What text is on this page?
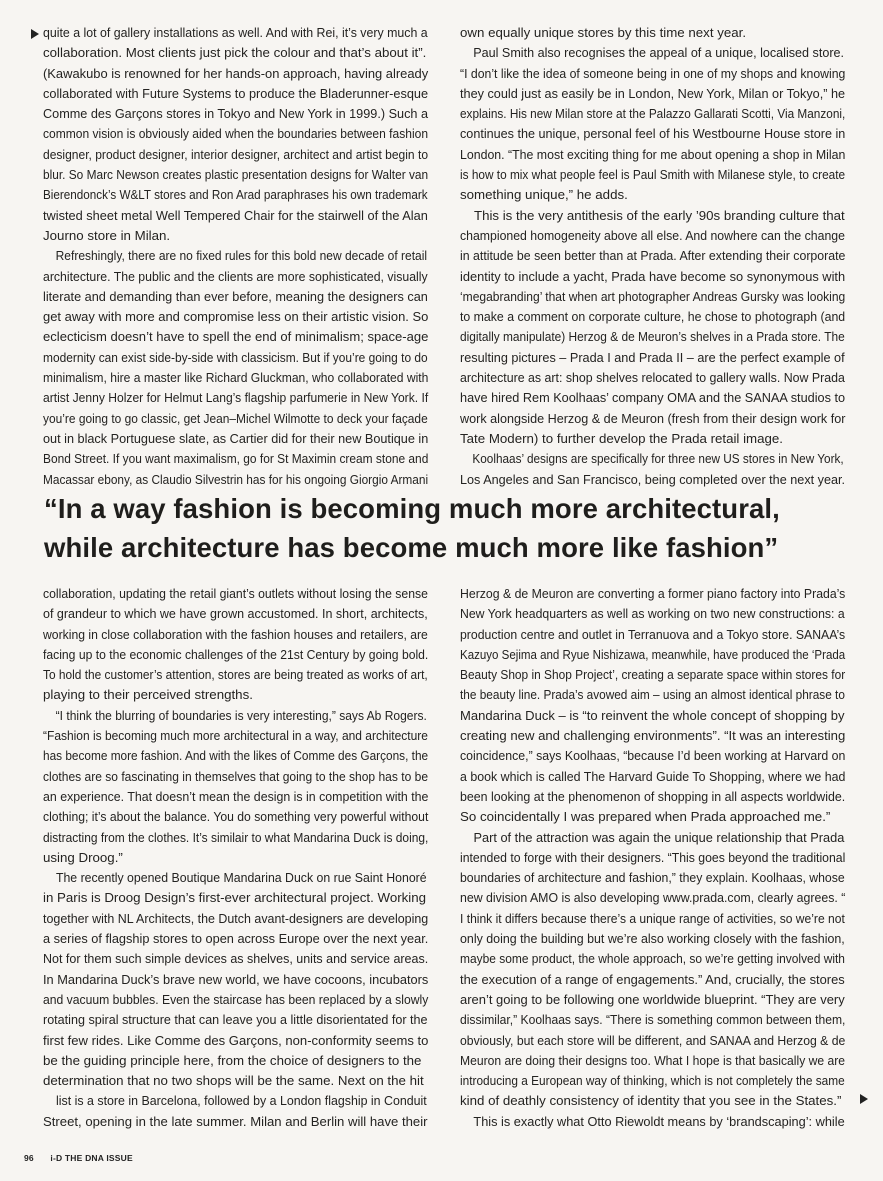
quite a lot of gallery installations as well. And with Rei, it’s very much a
collaboration. Most clients just pick the colour and that’s about it”.
(Kawakubo is renowned for her hands-on approach, having already
collaborated with Future Systems to produce the Bladerunner-esque
Comme des Garçons stores in Tokyo and New York in 1999.) Such a
common vision is obviously aided when the boundaries between fashion
designer, product designer, interior designer, architect and artist begin to
blur. So Marc Newson creates plastic presentation designs for Walter van
Bierendonck’s W&LT stores and Ron Arad paraphrases his own trademark
twisted sheet metal Well Tempered Chair for the stairwell of the Alan
Journo store in Milan.
Refreshingly, there are no fixed rules for this bold new decade of retail
architecture. The public and the clients are more sophisticated, visually
literate and demanding than ever before, meaning the designers can
get away with more and compromise less on their artistic vision. So
eclecticism doesn’t have to spell the end of minimalism; space-age
modernity can exist side-by-side with classicism. But if you’re going to do
minimalism, hire a master like Richard Gluckman, who collaborated with
artist Jenny Holzer for Helmut Lang’s flagship parfumerie in New York. If
you’re going to go classic, get Jean–Michel Wilmotte to deck your façade
out in black Portuguese slate, as Cartier did for their new Boutique in
Bond Street. If you want maximalism, go for St Maximin cream stone and
Macassar ebony, as Claudio Silvestrin has for his ongoing Giorgio Armani
own equally unique stores by this time next year.
Paul Smith also recognises the appeal of a unique, localised store.
“I don’t like the idea of someone being in one of my shops and knowing
they could just as easily be in London, New York, Milan or Tokyo,” he
explains. His new Milan store at the Palazzo Gallarati Scotti, Via Manzoni,
continues the unique, personal feel of his Westbourne House store in
London. “The most exciting thing for me about opening a shop in Milan
is how to mix what people feel is Paul Smith with Milanese style, to create
something unique,” he adds.
This is the very antithesis of the early ’90s branding culture that
championed homogeneity above all else. And nowhere can the change
in attitude be seen better than at Prada. After extending their corporate
identity to include a yacht, Prada have become so synonymous with
‘megabranding’ that when art photographer Andreas Gursky was looking
to make a comment on corporate culture, he chose to photograph (and
digitally manipulate) Herzog & de Meuron’s shelves in a Prada store. The
resulting pictures – Prada I and Prada II – are the perfect example of
architecture as art: shop shelves relocated to gallery walls. Now Prada
have hired Rem Koolhaas’ company OMA and the SANAA studios to
work alongside Herzog & de Meuron (fresh from their design work for
Tate Modern) to further develop the Prada retail image.
Koolhaas’ designs are specifically for three new US stores in New York,
Los Angeles and San Francisco, being completed over the next year.
“In a way fashion is becoming much more architectural,
while architecture has become much more like fashion”
collaboration, updating the retail giant’s outlets without losing the sense
of grandeur to which we have grown accustomed. In short, architects,
working in close collaboration with the fashion houses and retailers, are
facing up to the economic challenges of the 21st Century by going bold.
To hold the customer’s attention, stores are being treated as works of art,
playing to their perceived strengths.
“I think the blurring of boundaries is very interesting,” says Ab Rogers.
“Fashion is becoming much more architectural in a way, and architecture
has become more fashion. And with the likes of Comme des Garçons, the
clothes are so fascinating in themselves that going to the shop has to be
an experience. That doesn’t mean the design is in competition with the
clothing; it’s about the balance. You do something very powerful without
distracting from the clothes. It’s similair to what Mandarina Duck is doing,
using Droog.”
The recently opened Boutique Mandarina Duck on rue Saint Honoré
in Paris is Droog Design’s first-ever architectural project. Working
together with NL Architects, the Dutch avant-designers are developing
a series of flagship stores to open across Europe over the next year.
Not for them such simple devices as shelves, units and service areas.
In Mandarina Duck’s brave new world, we have cocoons, incubators
and vacuum bubbles. Even the staircase has been replaced by a slowly
rotating spiral structure that can leave you a little disorientated for the
first few rides. Like Comme des Garçons, non-conformity seems to
be the guiding principle here, from the choice of designers to the
determination that no two shops will be the same. Next on the hit
list is a store in Barcelona, followed by a London flagship in Conduit
Street, opening in the late summer. Milan and Berlin will have their
Herzog & de Meuron are converting a former piano factory into Prada’s
New York headquarters as well as working on two new constructions: a
production centre and outlet in Terranuova and a Tokyo store. SANAA’s
Kazuyo Sejima and Ryue Nishizawa, meanwhile, have produced the ‘Prada
Beauty Shop in Shop Project’, creating a separate space within stores for
the beauty line. Prada’s avowed aim – using an almost identical phrase to
Mandarina Duck – is “to reinvent the whole concept of shopping by
creating new and challenging environments”. “It was an interesting
coincidence,” says Koolhaas, “because I’d been working at Harvard on
a book which is called The Harvard Guide To Shopping, where we had
been looking at the phenomenon of shopping in all aspects worldwide.
So coincidentally I was prepared when Prada approached me.”
Part of the attraction was again the unique relationship that Prada
intended to forge with their designers. “This goes beyond the traditional
boundaries of architecture and fashion,” they explain. Koolhaas, whose
new division AMO is also developing www.prada.com, clearly agrees. “
I think it differs because there’s a unique range of activities, so we’re not
only doing the building but we’re also working closely with the fashion,
maybe some product, the whole approach, so we’re getting involved with
the execution of a range of engagements.” And, crucially, the stores
aren’t going to be following one worldwide blueprint. “They are very
dissimilar,” Koolhaas says. “There is something common between them,
obviously, but each store will be different, and SANAA and Herzog & de
Meuron are doing their designs too. What I hope is that basically we are
introducing a European way of thinking, which is not completely the same
kind of deathly consistency of identity that you see in the States.”
This is exactly what Otto Riewoldt means by ‘brandscaping’: while
96 i-D THE DNA ISSUE
